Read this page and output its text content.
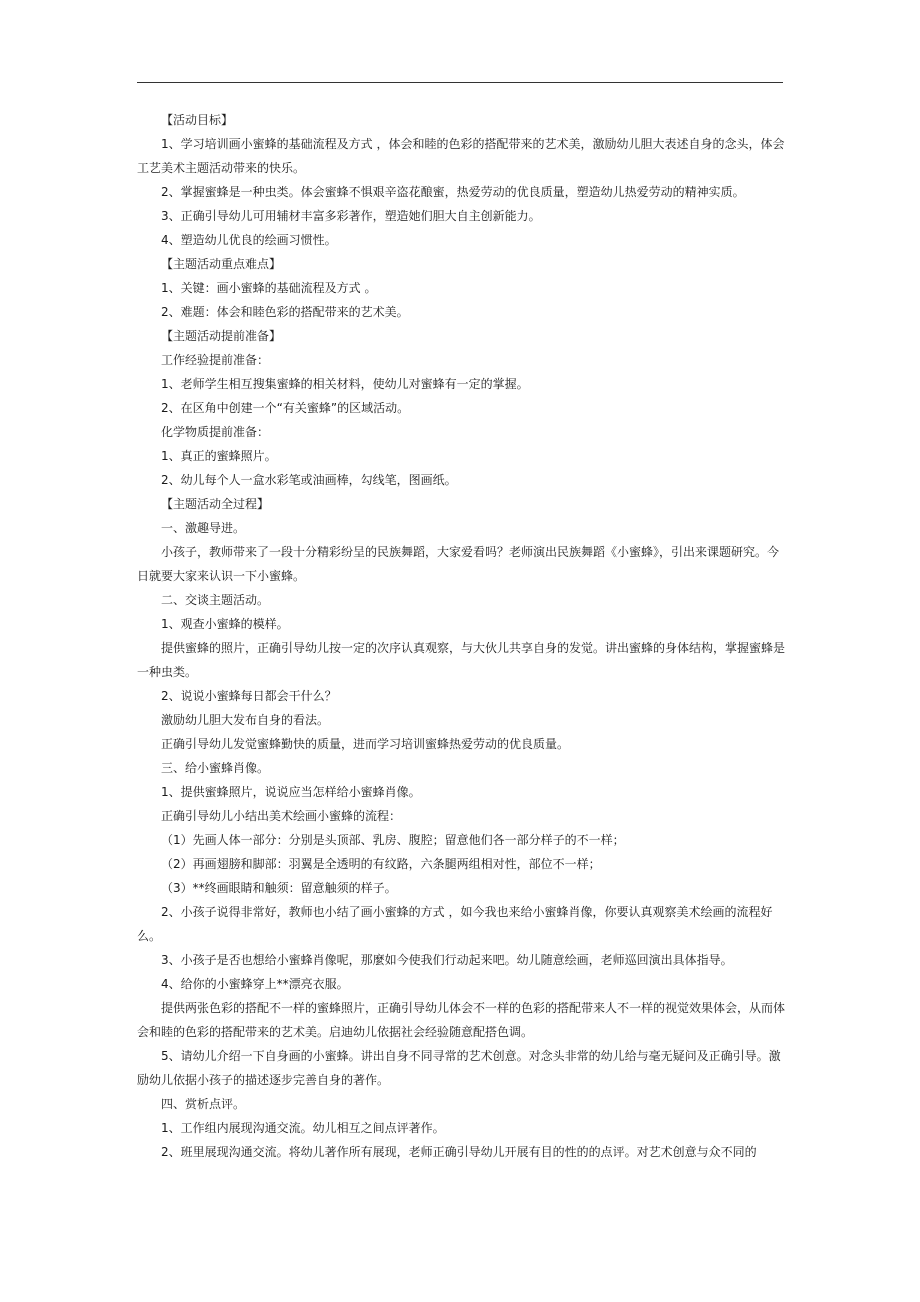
【活动目标】

1、学习培训画小蜜蜂的基础流程及方式 ，体会和睦的色彩的搭配带来的艺术美，激励幼儿胆大表述自身的念头，体会工艺美术主题活动带来的快乐。

2、掌握蜜蜂是一种虫类。体会蜜蜂不惧艰辛盗花酿蜜，热爱劳动的优良质量，塑造幼儿热爱劳动的精神实质。

3、正确引导幼儿可用辅材丰富多彩著作，塑造她们胆大自主创新能力。

4、塑造幼儿优良的绘画习惯性。

【主题活动重点难点】

1、关键：画小蜜蜂的基础流程及方式 。

2、难题：体会和睦色彩的搭配带来的艺术美。

【主题活动提前准备】

工作经验提前准备：

1、老师学生相互搜集蜜蜂的相关材料，使幼儿对蜜蜂有一定的掌握。

2、在区角中创建一个“有关蜜蜂”的区域活动。

化学物质提前准备：

1、真正的蜜蜂照片。

2、幼儿每个人一盒水彩笔或油画棒，勾线笔，图画纸。

【主题活动全过程】

一、激趣导进。

小孩子，教师带来了一段十分精彩纷呈的民族舞蹈，大家爱看吗？老师演出民族舞蹈《小蜜蜂》，引出来课题研究。今日就要大家来认识一下小蜜蜂。

二、交谈主题活动。

1、观查小蜜蜂的模样。

提供蜜蜂的照片，正确引导幼儿按一定的次序认真观察，与大伙儿共享自身的发觉。讲出蜜蜂的身体结构，掌握蜜蜂是一种虫类。

2、说说小蜜蜂每日都会干什么？

激励幼儿胆大发布自身的看法。

正确引导幼儿发觉蜜蜂勤快的质量，进而学习培训蜜蜂热爱劳动的优良质量。

三、给小蜜蜂肖像。

1、提供蜜蜂照片，说说应当怎样给小蜜蜂肖像。

正确引导幼儿小结出美术绘画小蜜蜂的流程：

（1）先画人体一部分：分别是头顶部、乳房、腹腔；留意他们各一部分样子的不一样；

（2）再画翅膀和脚部：羽翼是全透明的有纹路，六条腿两组相对性，部位不一样；

（3）**终画眼睛和触须：留意触须的样子。

2、小孩子说得非常好，教师也小结了画小蜜蜂的方式 ，如今我也来给小蜜蜂肖像，你要认真观察美术绘画的流程好么。

3、小孩子是否也想给小蜜蜂肖像呢，那麼如今使我们行动起来吧。幼儿随意绘画，老师巡回演出具体指导。

4、给你的小蜜蜂穿上**漂亮衣服。

提供两张色彩的搭配不一样的蜜蜂照片，正确引导幼儿体会不一样的色彩的搭配带来人不一样的视觉效果体会，从而体会和睦的色彩的搭配带来的艺术美。启迪幼儿依据社会经验随意配搭色调。

5、请幼儿介绍一下自身画的小蜜蜂。讲出自身不同寻常的艺术创意。对念头非常的幼儿给与毫无疑问及正确引导。激励幼儿依据小孩子的描述逐步完善自身的著作。

四、赏析点评。

1、工作组内展现沟通交流。幼儿相互之间点评著作。

2、班里展现沟通交流。将幼儿著作所有展现，老师正确引导幼儿开展有目的性的的点评。对艺术创意与众不同的
